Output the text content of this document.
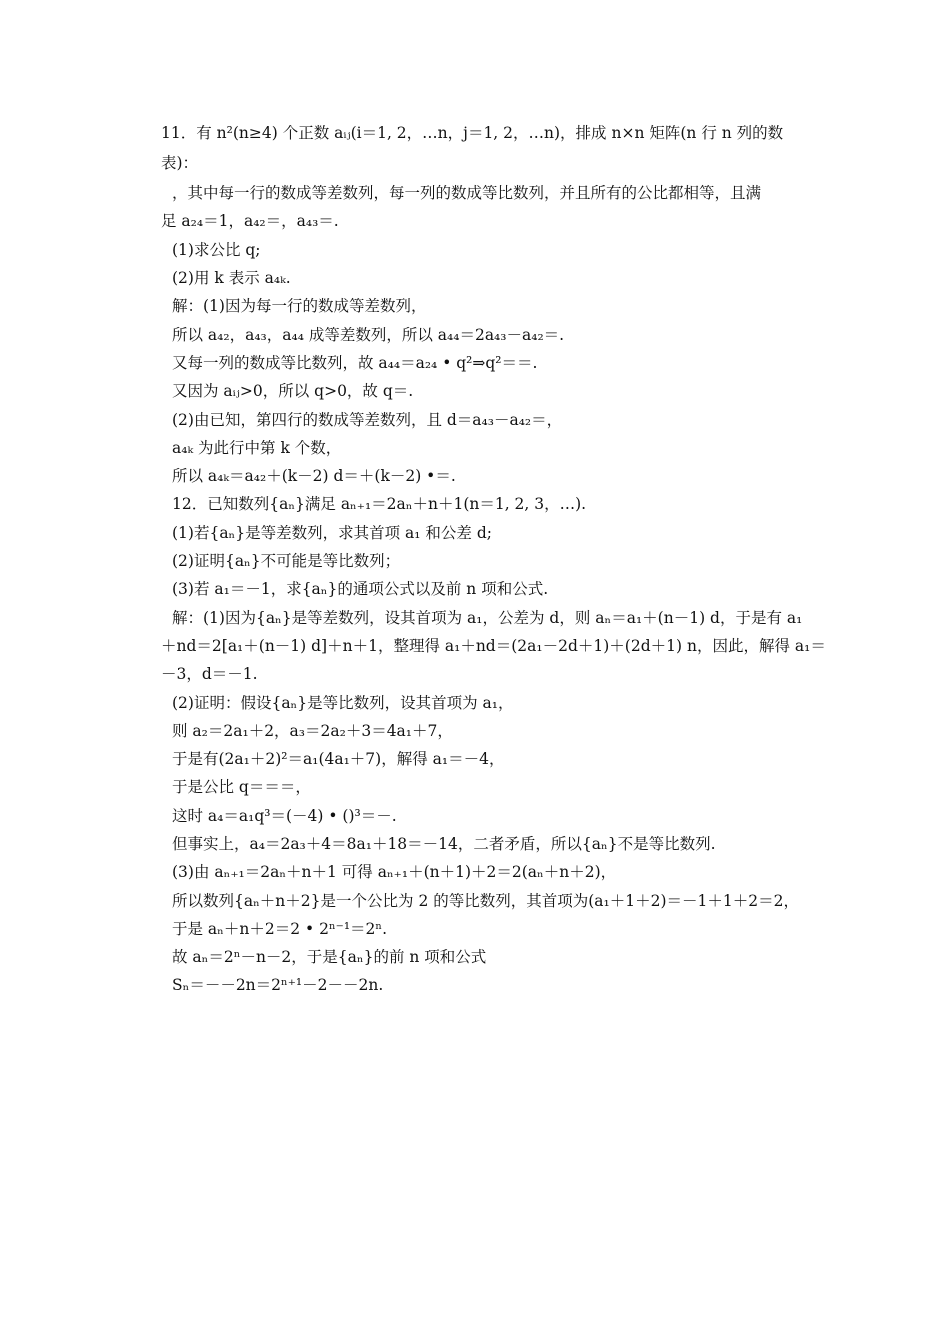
11．有 n²(n≥4) 个正数 aᵢⱼ(i＝1, 2，…n，j＝1, 2，…n)，排成 n×n 矩阵(n 行 n 列的数
表)：
，其中每一行的数成等差数列，每一列的数成等比数列，并且所有的公比都相等，且满
足 a₂₄＝1，a₄₂＝，a₄₃＝.
(1)求公比 q;
(2)用 k 表示 a₄ₖ.
解：(1)因为每一行的数成等差数列，
所以 a₄₂，a₄₃，a₄₄ 成等差数列，所以 a₄₄＝2a₄₃－a₄₂＝.
又每一列的数成等比数列，故 a₄₄＝a₂₄ • q²⇒q²＝＝.
又因为 aᵢⱼ>0，所以 q>0，故 q＝.
(2)由已知，第四行的数成等差数列，且 d＝a₄₃－a₄₂＝，
a₄ₖ 为此行中第 k 个数，
所以 a₄ₖ＝a₄₂＋(k－2) d＝＋(k－2) •＝.
12．已知数列{aₙ}满足 aₙ₊₁＝2aₙ＋n＋1(n＝1, 2, 3，…).
(1)若{aₙ}是等差数列，求其首项 a₁ 和公差 d;
(2)证明{aₙ}不可能是等比数列；
(3)若 a₁＝－1，求{aₙ}的通项公式以及前 n 项和公式.
解：(1)因为{aₙ}是等差数列，设其首项为 a₁，公差为 d，则 aₙ＝a₁＋(n－1) d，于是有 a₁
＋nd＝2[a₁＋(n－1) d]＋n＋1，整理得 a₁＋nd＝(2a₁－2d＋1)＋(2d＋1) n，因此，解得 a₁＝
－3，d＝－1.
(2)证明：假设{aₙ}是等比数列，设其首项为 a₁，
则 a₂＝2a₁＋2，a₃＝2a₂＋3＝4a₁＋7，
于是有(2a₁＋2)²＝a₁(4a₁＋7)，解得 a₁＝－4，
于是公比 q＝＝＝，
这时 a₄＝a₁q³＝(－4) • ()³＝－.
但事实上，a₄＝2a₃＋4＝8a₁＋18＝－14，二者矛盾，所以{aₙ}不是等比数列.
(3)由 aₙ₊₁＝2aₙ＋n＋1 可得 aₙ₊₁＋(n＋1)＋2＝2(aₙ＋n＋2)，
所以数列{aₙ＋n＋2}是一个公比为 2 的等比数列，其首项为(a₁＋1＋2)＝－1＋1＋2＝2，
于是 aₙ＋n＋2＝2 • 2ⁿ⁻¹＝2ⁿ.
故 aₙ＝2ⁿ－n－2，于是{aₙ}的前 n 项和公式
Sₙ＝－－2n＝2ⁿ⁺¹－2－－2n.
